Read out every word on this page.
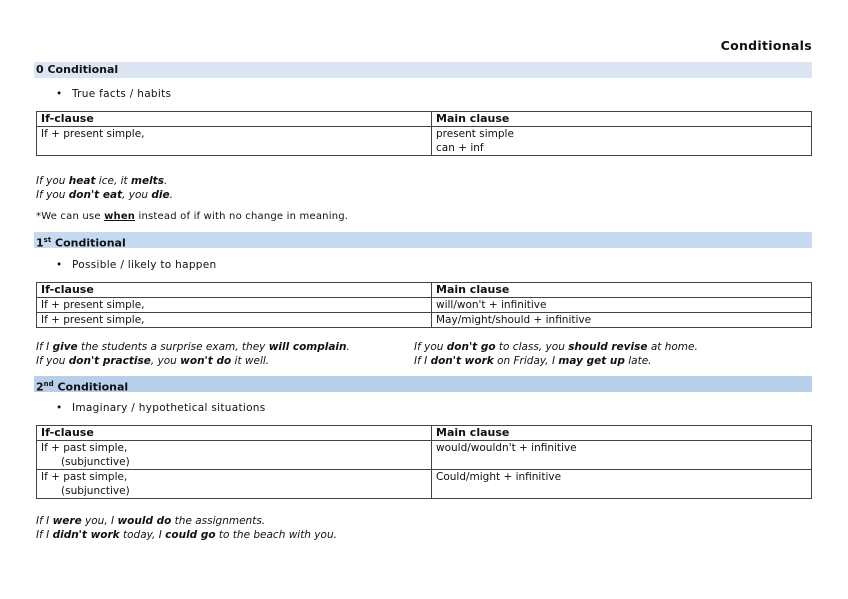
Conditionals
0 Conditional
• True facts / habits
If-clause	Main clause
If + present simple,	present simple
can + inf
If you heat ice, it melts.
If you don't eat, you die.
*We can use when instead of if with no change in meaning.
1st Conditional
• Possible / likely to happen
If-clause	Main clause
If + present simple,	will/won't + infinitive
If + present simple,	May/might/should + infinitive
If I give the students a surprise exam, they will complain.
If you don't practise, you won't do it well.
If you don't go to class, you should revise at home.
If I don't work on Friday, I may get up late.
2nd Conditional
• Imaginary / hypothetical situations
If-clause	Main clause

If + past simple,
(subjunctive)	would/wouldn't + infinitive

If + past simple,
(subjunctive)	Could/might + infinitive
If I were you, I would do the assignments.
If I didn't work today, I could go to the beach with you.
